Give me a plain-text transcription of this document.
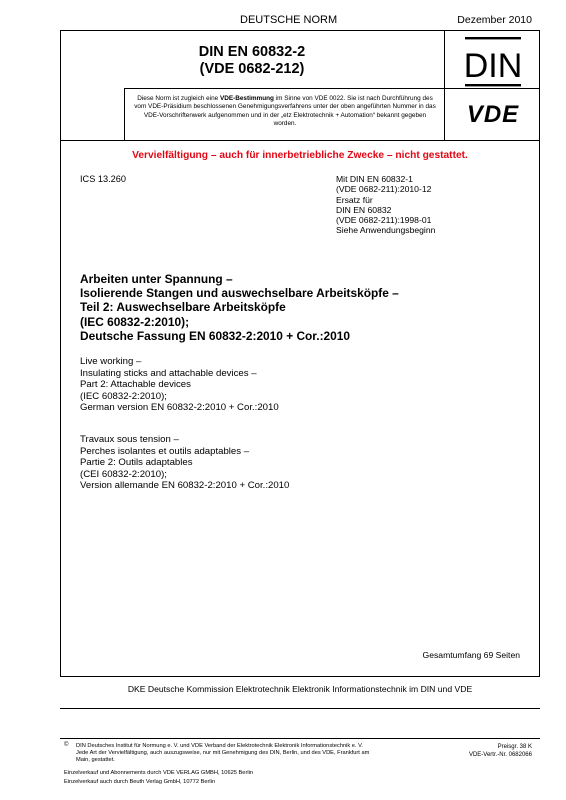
DEUTSCHE NORM	Dezember 2010
DIN EN 60832-2
(VDE 0682-212)	DIN
VDE
Diese Norm ist zugleich eine VDE-Bestimmung im Sinne von VDE 0022. Sie ist nach Durchführung des vom VDE-Präsidium beschlossenen Genehmigungsverfahrens unter der oben angeführten Nummer in das VDE-Vorschriftenwerk aufgenommen und in der „etz Elektrotechnik + Automation“ bekannt gegeben worden.
Vervielfältigung – auch für innerbetriebliche Zwecke – nicht gestattet.
ICS 13.260	Mit DIN EN 60832-1
(VDE 0682-211):2010-12
Ersatz für
DIN EN 60832
(VDE 0682-211):1998-01
Siehe Anwendungsbeginn
Arbeiten unter Spannung –
Isolierende Stangen und auswechselbare Arbeitsköpfe –
Teil 2: Auswechselbare Arbeitsköpfe
(IEC 60832-2:2010);
Deutsche Fassung EN 60832-2:2010 + Cor.:2010
Live working –
Insulating sticks and attachable devices –
Part 2: Attachable devices
(IEC 60832-2:2010);
German version EN 60832-2:2010 + Cor.:2010
Travaux sous tension –
Perches isolantes et outils adaptables –
Partie 2: Outils adaptables
(CEI 60832-2:2010);
Version allemande EN 60832-2:2010 + Cor.:2010
Gesamtumfang 69 Seiten
DKE Deutsche Kommission Elektrotechnik Elektronik Informationstechnik im DIN und VDE
© DIN Deutsches Institut für Normung e. V. und VDE Verband der Elektrotechnik Elektronik Informationstechnik e. V. Jede Art der Vervielfältigung, auch auszugsweise, nur mit Genehmigung des DIN, Berlin, und des VDE, Frankfurt am Main, gestattet.
Einzelverkauf und Abonnements durch VDE VERLAG GMBH, 10625 Berlin
Einzelverkauf auch durch Beuth Verlag GmbH, 10772 Berlin
Preisgr. 38 K
VDE-Vertr.-Nr. 0682066
